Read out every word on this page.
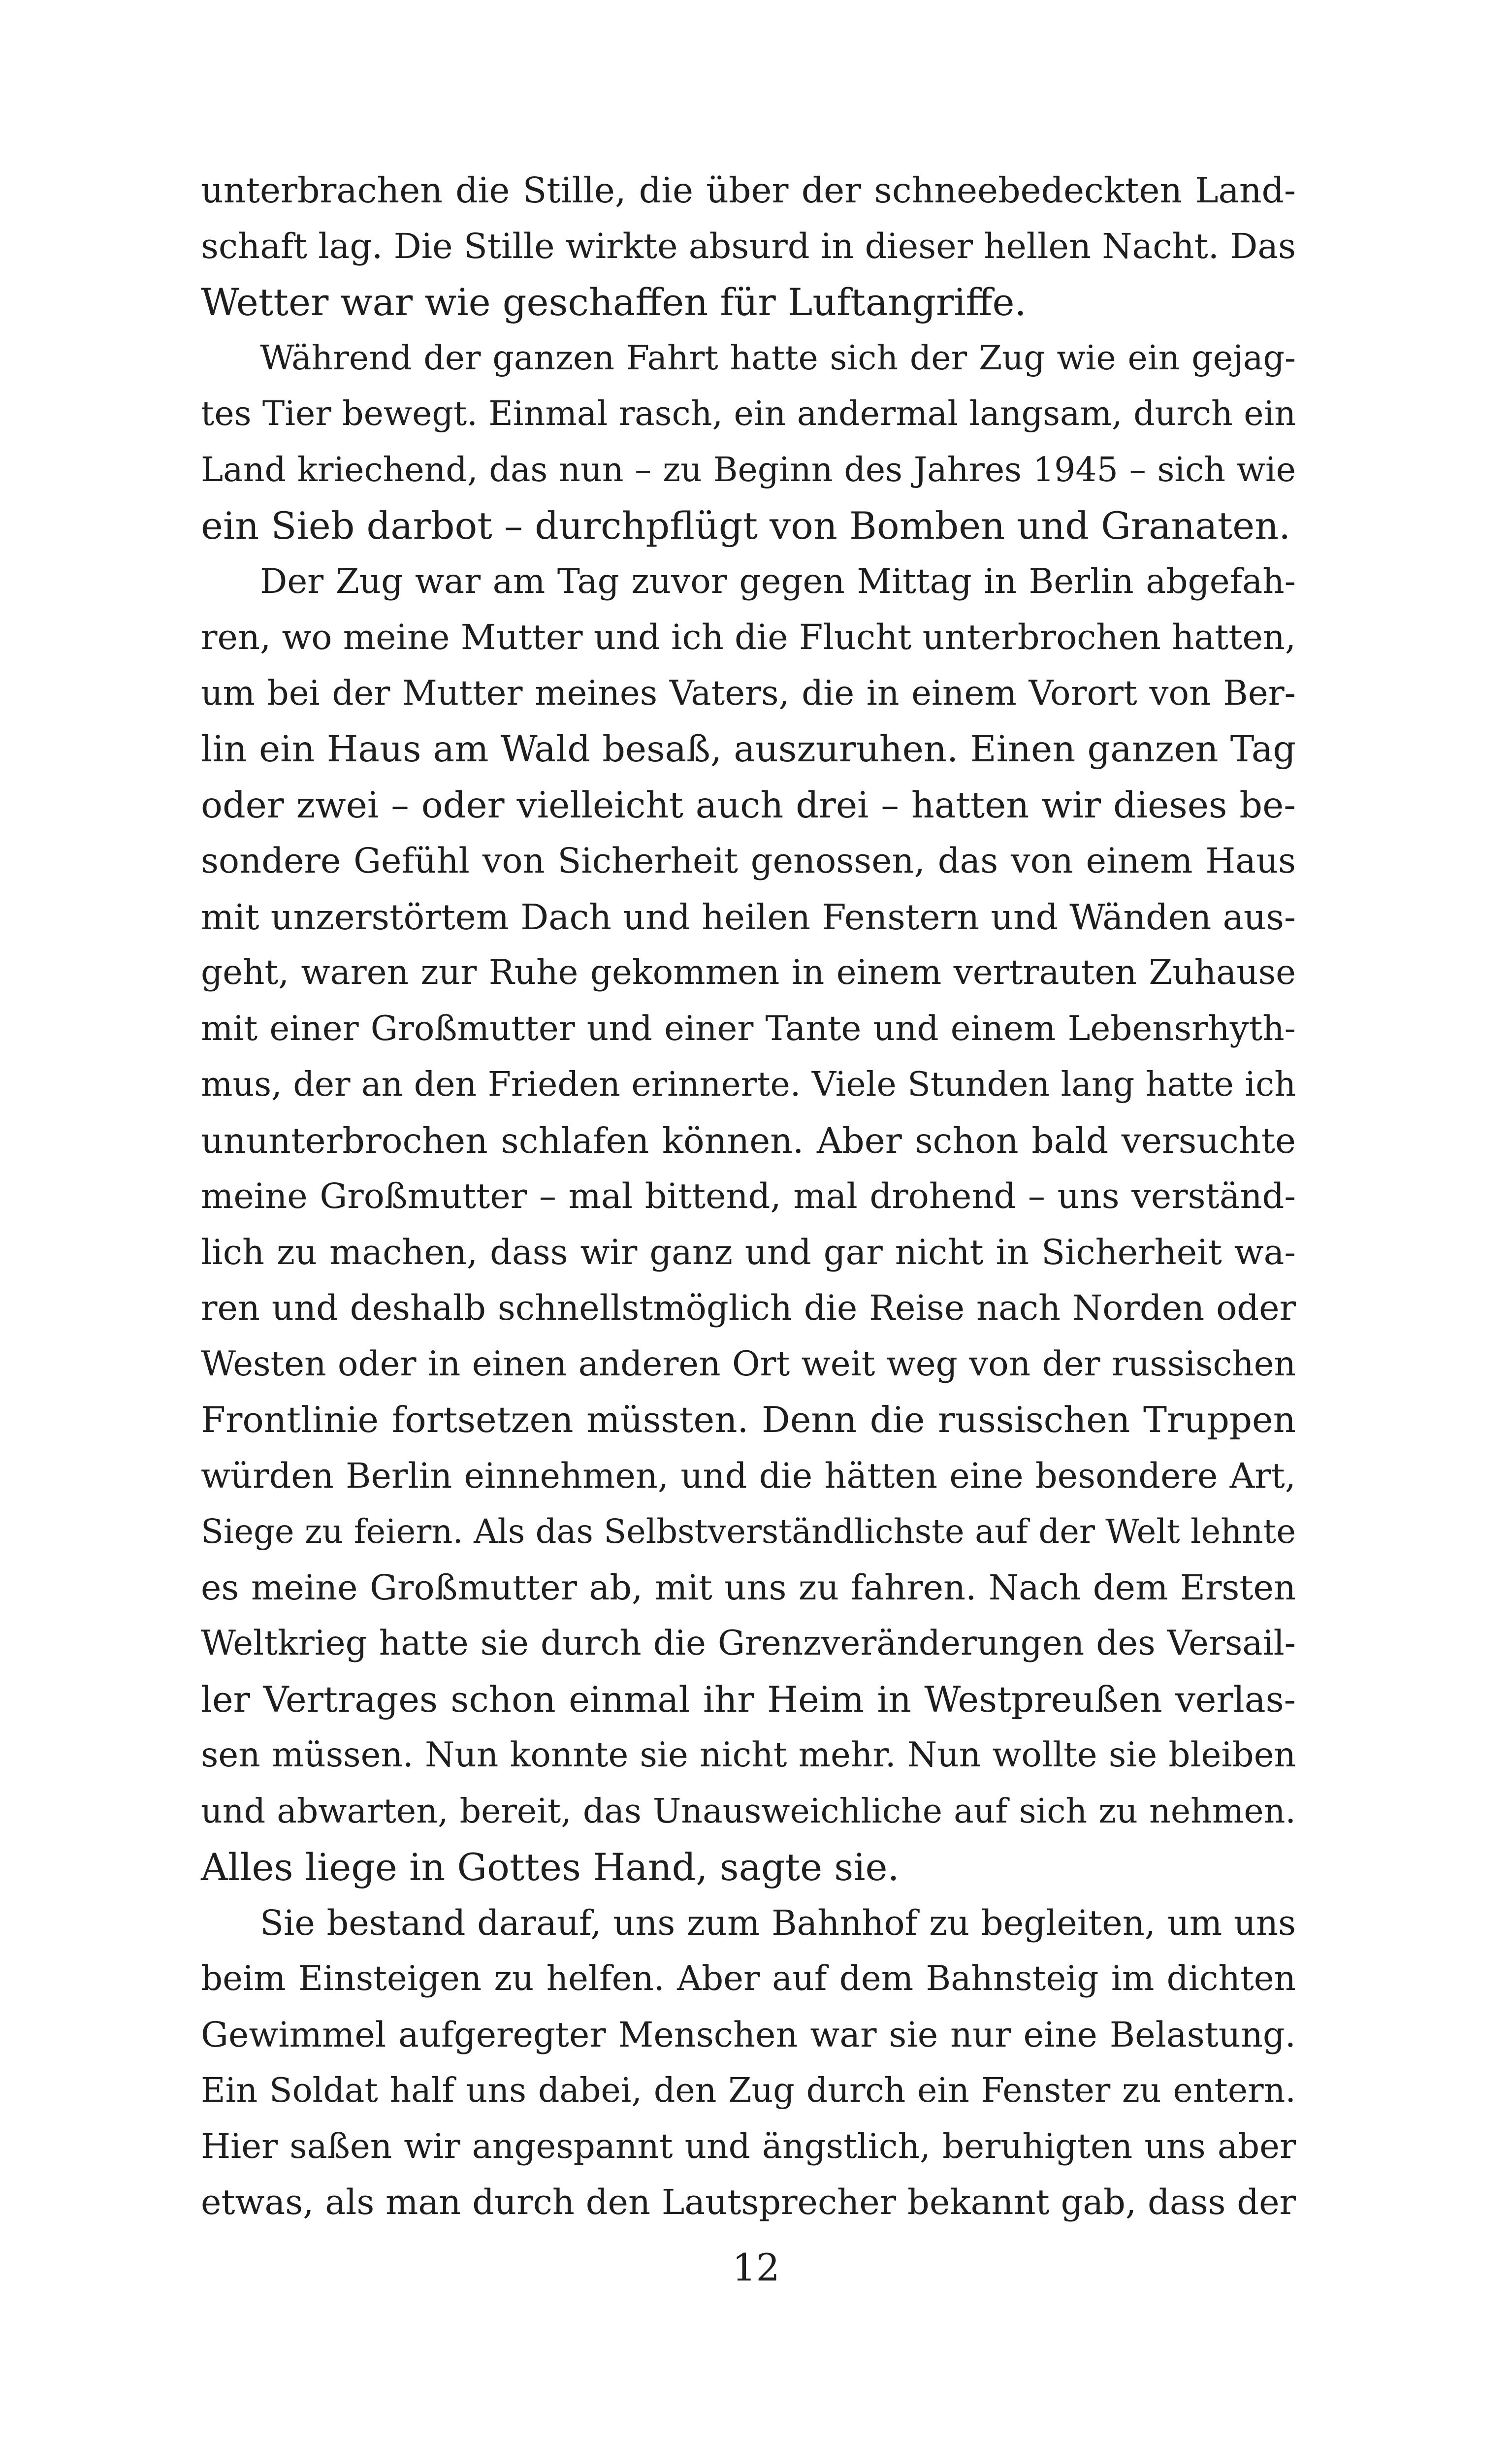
unterbrachen die Stille, die über der schneebedeckten Land-
schaft lag. Die Stille wirkte absurd in dieser hellen Nacht. Das
Wetter war wie geschaffen für Luftangriffe.
Während der ganzen Fahrt hatte sich der Zug wie ein gejag-
tes Tier bewegt. Einmal rasch, ein andermal langsam, durch ein
Land kriechend, das nun – zu Beginn des Jahres 1945 – sich wie
ein Sieb darbot – durchpflügt von Bomben und Granaten.
Der Zug war am Tag zuvor gegen Mittag in Berlin abgefah-
ren, wo meine Mutter und ich die Flucht unterbrochen hatten,
um bei der Mutter meines Vaters, die in einem Vorort von Ber-
lin ein Haus am Wald besaß, auszuruhen. Einen ganzen Tag
oder zwei – oder vielleicht auch drei – hatten wir dieses be-
sondere Gefühl von Sicherheit genossen, das von einem Haus
mit unzerstörtem Dach und heilen Fenstern und Wänden aus-
geht, waren zur Ruhe gekommen in einem vertrauten Zuhause
mit einer Großmutter und einer Tante und einem Lebensrhyth-
mus, der an den Frieden erinnerte. Viele Stunden lang hatte ich
ununterbrochen schlafen können. Aber schon bald versuchte
meine Großmutter – mal bittend, mal drohend – uns verständ-
lich zu machen, dass wir ganz und gar nicht in Sicherheit wa-
ren und deshalb schnellstmöglich die Reise nach Norden oder
Westen oder in einen anderen Ort weit weg von der russischen
Frontlinie fortsetzen müssten. Denn die russischen Truppen
würden Berlin einnehmen, und die hätten eine besondere Art,
Siege zu feiern. Als das Selbstverständlichste auf der Welt lehnte
es meine Großmutter ab, mit uns zu fahren. Nach dem Ersten
Weltkrieg hatte sie durch die Grenzveränderungen des Versail-
ler Vertrages schon einmal ihr Heim in Westpreußen verlas-
sen müssen. Nun konnte sie nicht mehr. Nun wollte sie bleiben
und abwarten, bereit, das Unausweichliche auf sich zu nehmen.
Alles liege in Gottes Hand, sagte sie.
Sie bestand darauf, uns zum Bahnhof zu begleiten, um uns
beim Einsteigen zu helfen. Aber auf dem Bahnsteig im dichten
Gewimmel aufgeregter Menschen war sie nur eine Belastung.
Ein Soldat half uns dabei, den Zug durch ein Fenster zu entern.
Hier saßen wir angespannt und ängstlich, beruhigten uns aber
etwas, als man durch den Lautsprecher bekannt gab, dass der
12
